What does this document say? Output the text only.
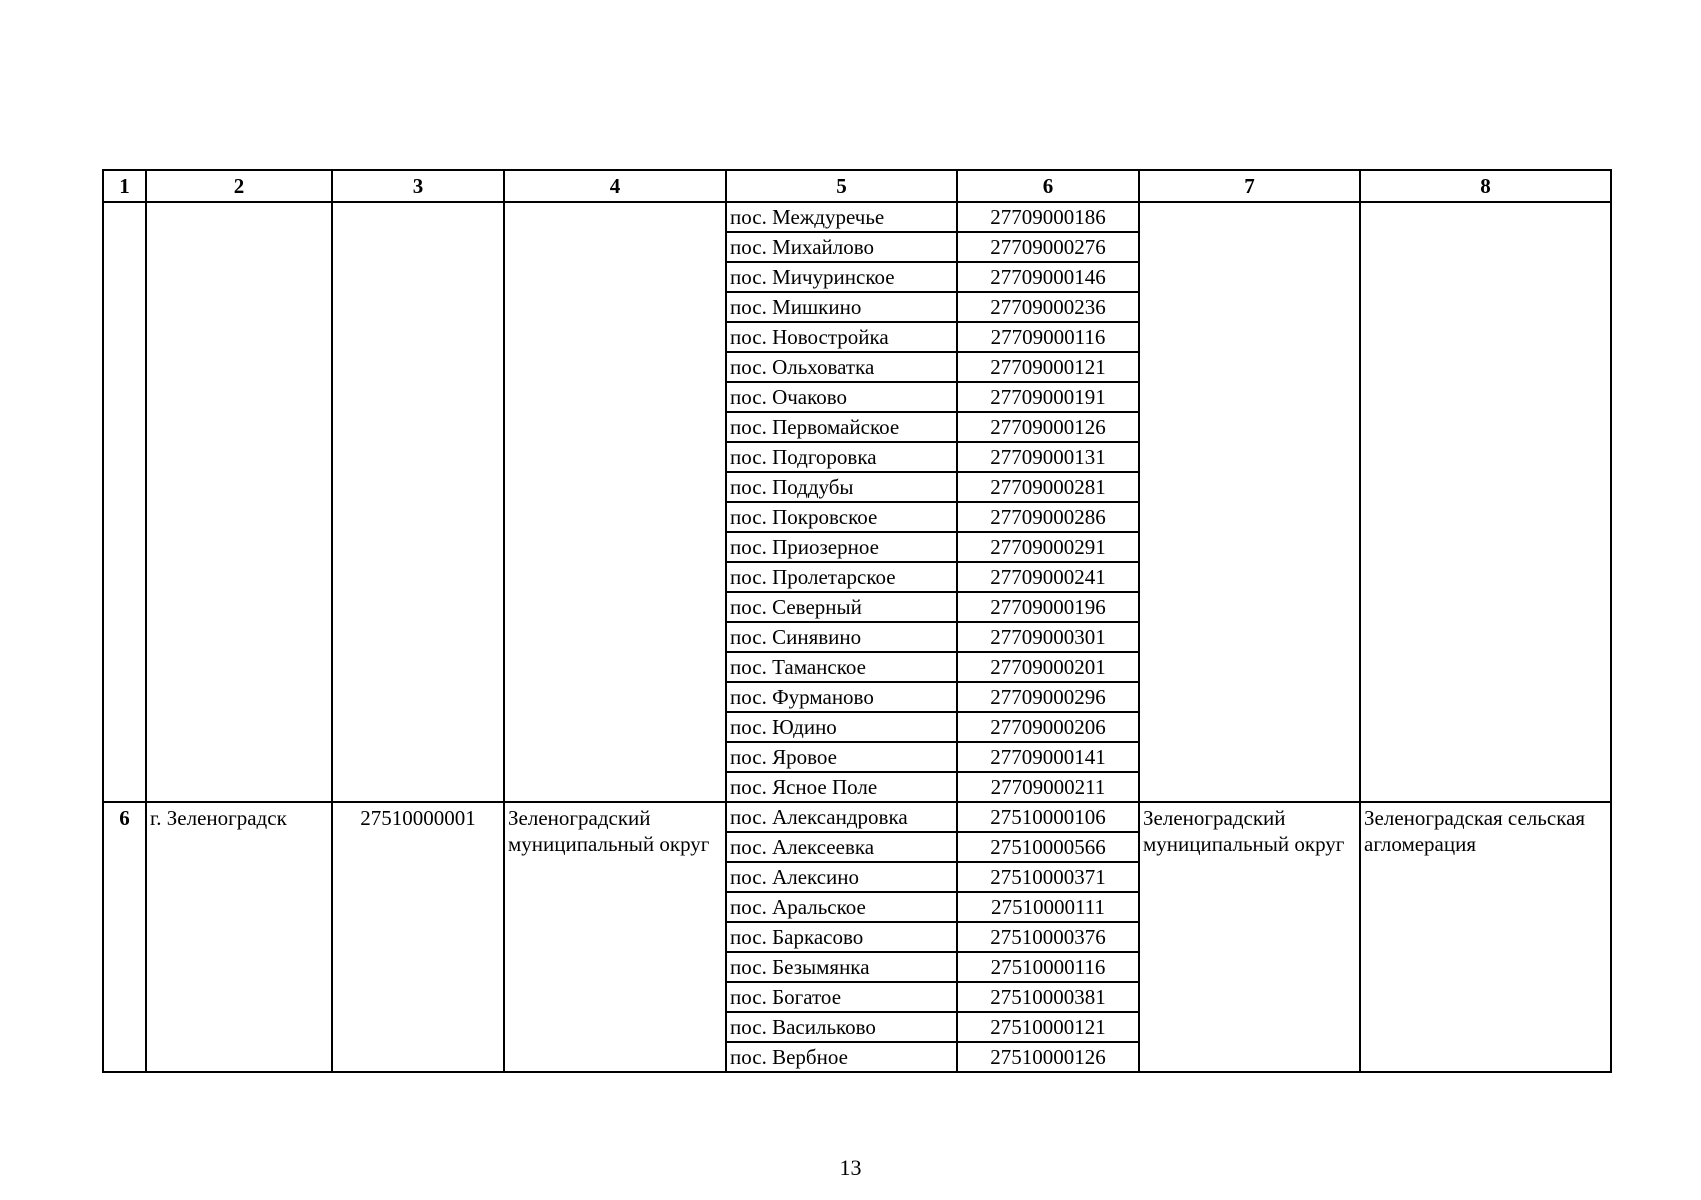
1	2	3	4	5	6	7	8
				пос. Междуречье	27709000186		
				пос. Михайлово	27709000276		
				пос. Мичуринское	27709000146		
				пос. Мишкино	27709000236		
				пос. Новостройка	27709000116		
				пос. Ольховатка	27709000121		
				пос. Очаково	27709000191		
				пос. Первомайское	27709000126		
				пос. Подгоровка	27709000131		
				пос. Поддубы	27709000281		
				пос. Покровское	27709000286		
				пос. Приозерное	27709000291		
				пос. Пролетарское	27709000241		
				пос. Северный	27709000196		
				пос. Синявино	27709000301		
				пос. Таманское	27709000201		
				пос. Фурманово	27709000296		
				пос. Юдино	27709000206		
				пос. Яровое	27709000141		
				пос. Ясное Поле	27709000211		
6	г. Зеленоградск	27510000001	Зеленоградский муниципальный округ	пос. Александровка	27510000106	Зеленоградский муниципальный округ	Зеленоградская сельская агломерация
				пос. Алексеевка	27510000566		
				пос. Алексино	27510000371		
				пос. Аральское	27510000111		
				пос. Баркасово	27510000376		
				пос. Безымянка	27510000116		
				пос. Богатое	27510000381		
				пос. Васильково	27510000121		
				пос. Вербное	27510000126		
13
